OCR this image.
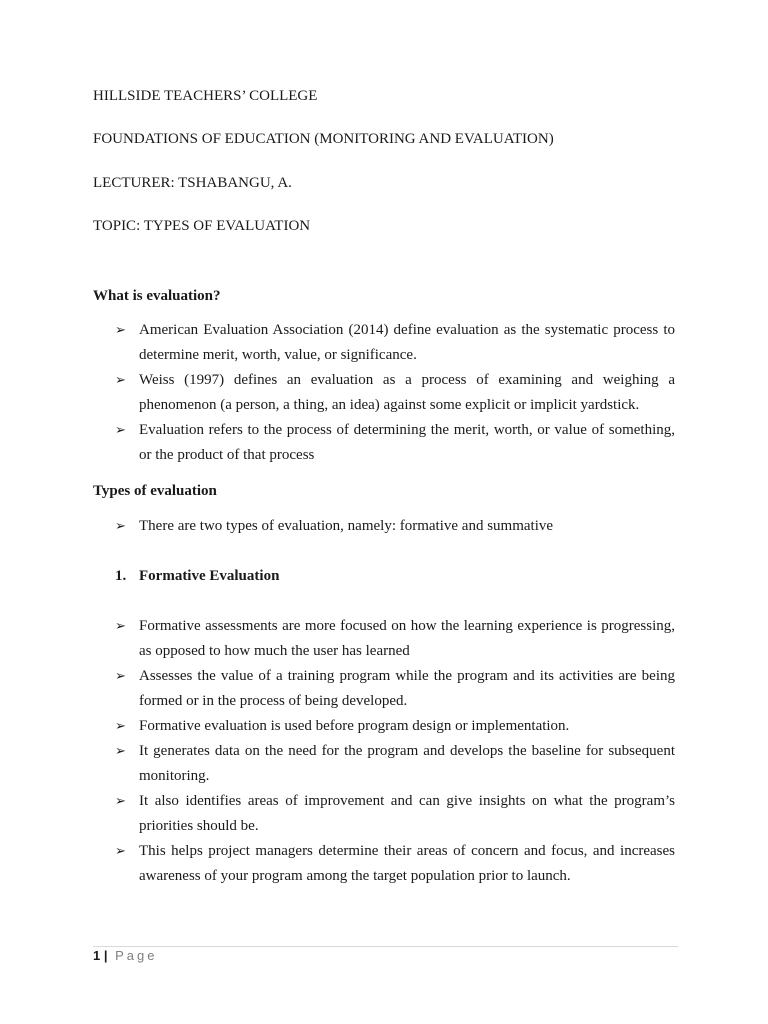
HILLSIDE TEACHERS’ COLLEGE

FOUNDATIONS OF EDUCATION (MONITORING AND EVALUATION)

LECTURER: TSHABANGU, A.

TOPIC: TYPES OF EVALUATION

What is evaluation?

➢ American Evaluation Association (2014) define evaluation as the systematic process to determine merit, worth, value, or significance.
➢ Weiss (1997) defines an evaluation as a process of examining and weighing a phenomenon (a person, a thing, an idea) against some explicit or implicit yardstick.
➢ Evaluation refers to the process of determining the merit, worth, or value of something, or the product of that process

Types of evaluation

➢ There are two types of evaluation, namely: formative and summative

1. Formative Evaluation

➢ Formative assessments are more focused on how the learning experience is progressing, as opposed to how much the user has learned
➢ Assesses the value of a training program while the program and its activities are being formed or in the process of being developed.
➢ Formative evaluation is used before program design or implementation.
➢ It generates data on the need for the program and develops the baseline for subsequent monitoring.
➢ It also identifies areas of improvement and can give insights on what the program’s priorities should be.
➢ This helps project managers determine their areas of concern and focus, and increases awareness of your program among the target population prior to launch.
1 | Page
